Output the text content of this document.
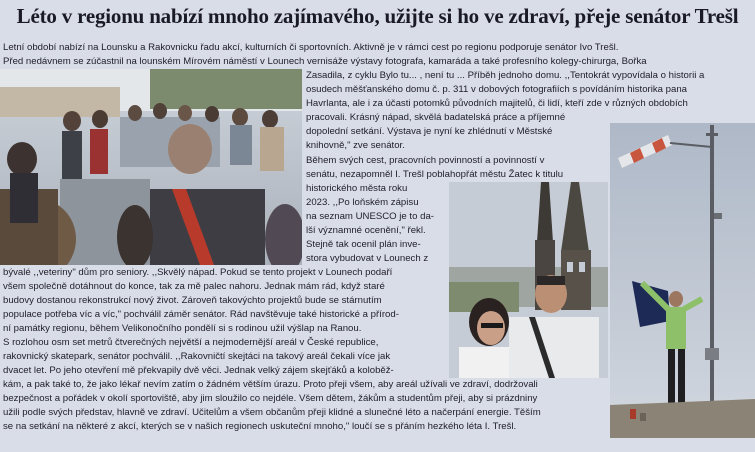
Léto v regionu nabízí mnoho zajímavého, užijte si ho ve zdraví, přeje senátor Trešl
Letní období nabízí na Lounsku a Rakovnicku řadu akcí, kulturních či sportovních. Aktivně je v rámci cest po regionu podporuje senátor Ivo Trešl.
Před nedávnem se zúčastnil na lounském Mírovém náměstí v Lounech vernisáže výstavy fotografa, kamaráda a také profesního kolegy-chirurga, Bořka
Zasadila, z cyklu Bylo tu... , není tu ... Příběh jednoho domu. ,,Tentokrát vypovídala o historii a
osudech měšťanského domu č. p. 311 v dobových fotografiích s povídáním historika pana
Havrlanta, ale i za účasti potomků původních majitelů, či lidí, kteří zde v různých obdobích
pracovali. Krásný nápad, skvělá badatelská práce a příjemné
dopolední setkání. Výstava je nyní ke zhlédnutí v Městské
knihovně," zve senátor.
Během svých cest, pracovních povinností a povinností v
senátu, nezapomněl I. Trešl poblahopřát městu Žatec k titulu
historického města roku
2023. ,,Po loňském zápisu
na seznam UNESCO je to da-
lší významné ocenění," řekl.
Stejně tak ocenil plán inve-
stora vybudovat v Lounech z
bývalé ,,veteriny" dům pro seniory. ,,Skvělý nápad. Pokud se tento projekt v Lounech podaří
všem společně dotáhnout do konce, tak za mě palec nahoru. Jednak mám rád, když staré
budovy dostanou rekonstrukcí nový život. Zároveň takovýchto projektů bude se stárnutím
populace potřeba víc a víc," pochválil záměr senátor. Rád navštěvuje také historické a přírod-
ní památky regionu, během Velikonočního pondělí si s rodinou užil výšlap na Ranou.
S rozlohou osm set metrů čtverečných největší a nejmodernější areál v České republice,
rakovnický skatepark, senátor pochválil. ,,Rakovničtí skejtáci na takový areál čekali více jak
dvacet let. Po jeho otevření mě překvapily dvě věci. Jednak velký zájem skejťáků a koloběž-
kám, a pak také to, že jako lékař nevím zatím o žádném větším úrazu. Proto přeji všem, aby areál užívali ve zdraví, dodržovali
bezpečnost a pořádek v okolí sportoviště, aby jim sloužilo co nejdéle. Všem dětem, žákům a studentům přeji, aby si prázdniny
užili podle svých představ, hlavně ve zdraví. Učitelům a všem občanům přeji klidné a slunečné léto a načerpání energie. Těším
se na setkání na některé z akcí, kterých se v našich regionech uskuteční mnoho," loučí se s přáním hezkého léta I. Trešl.
